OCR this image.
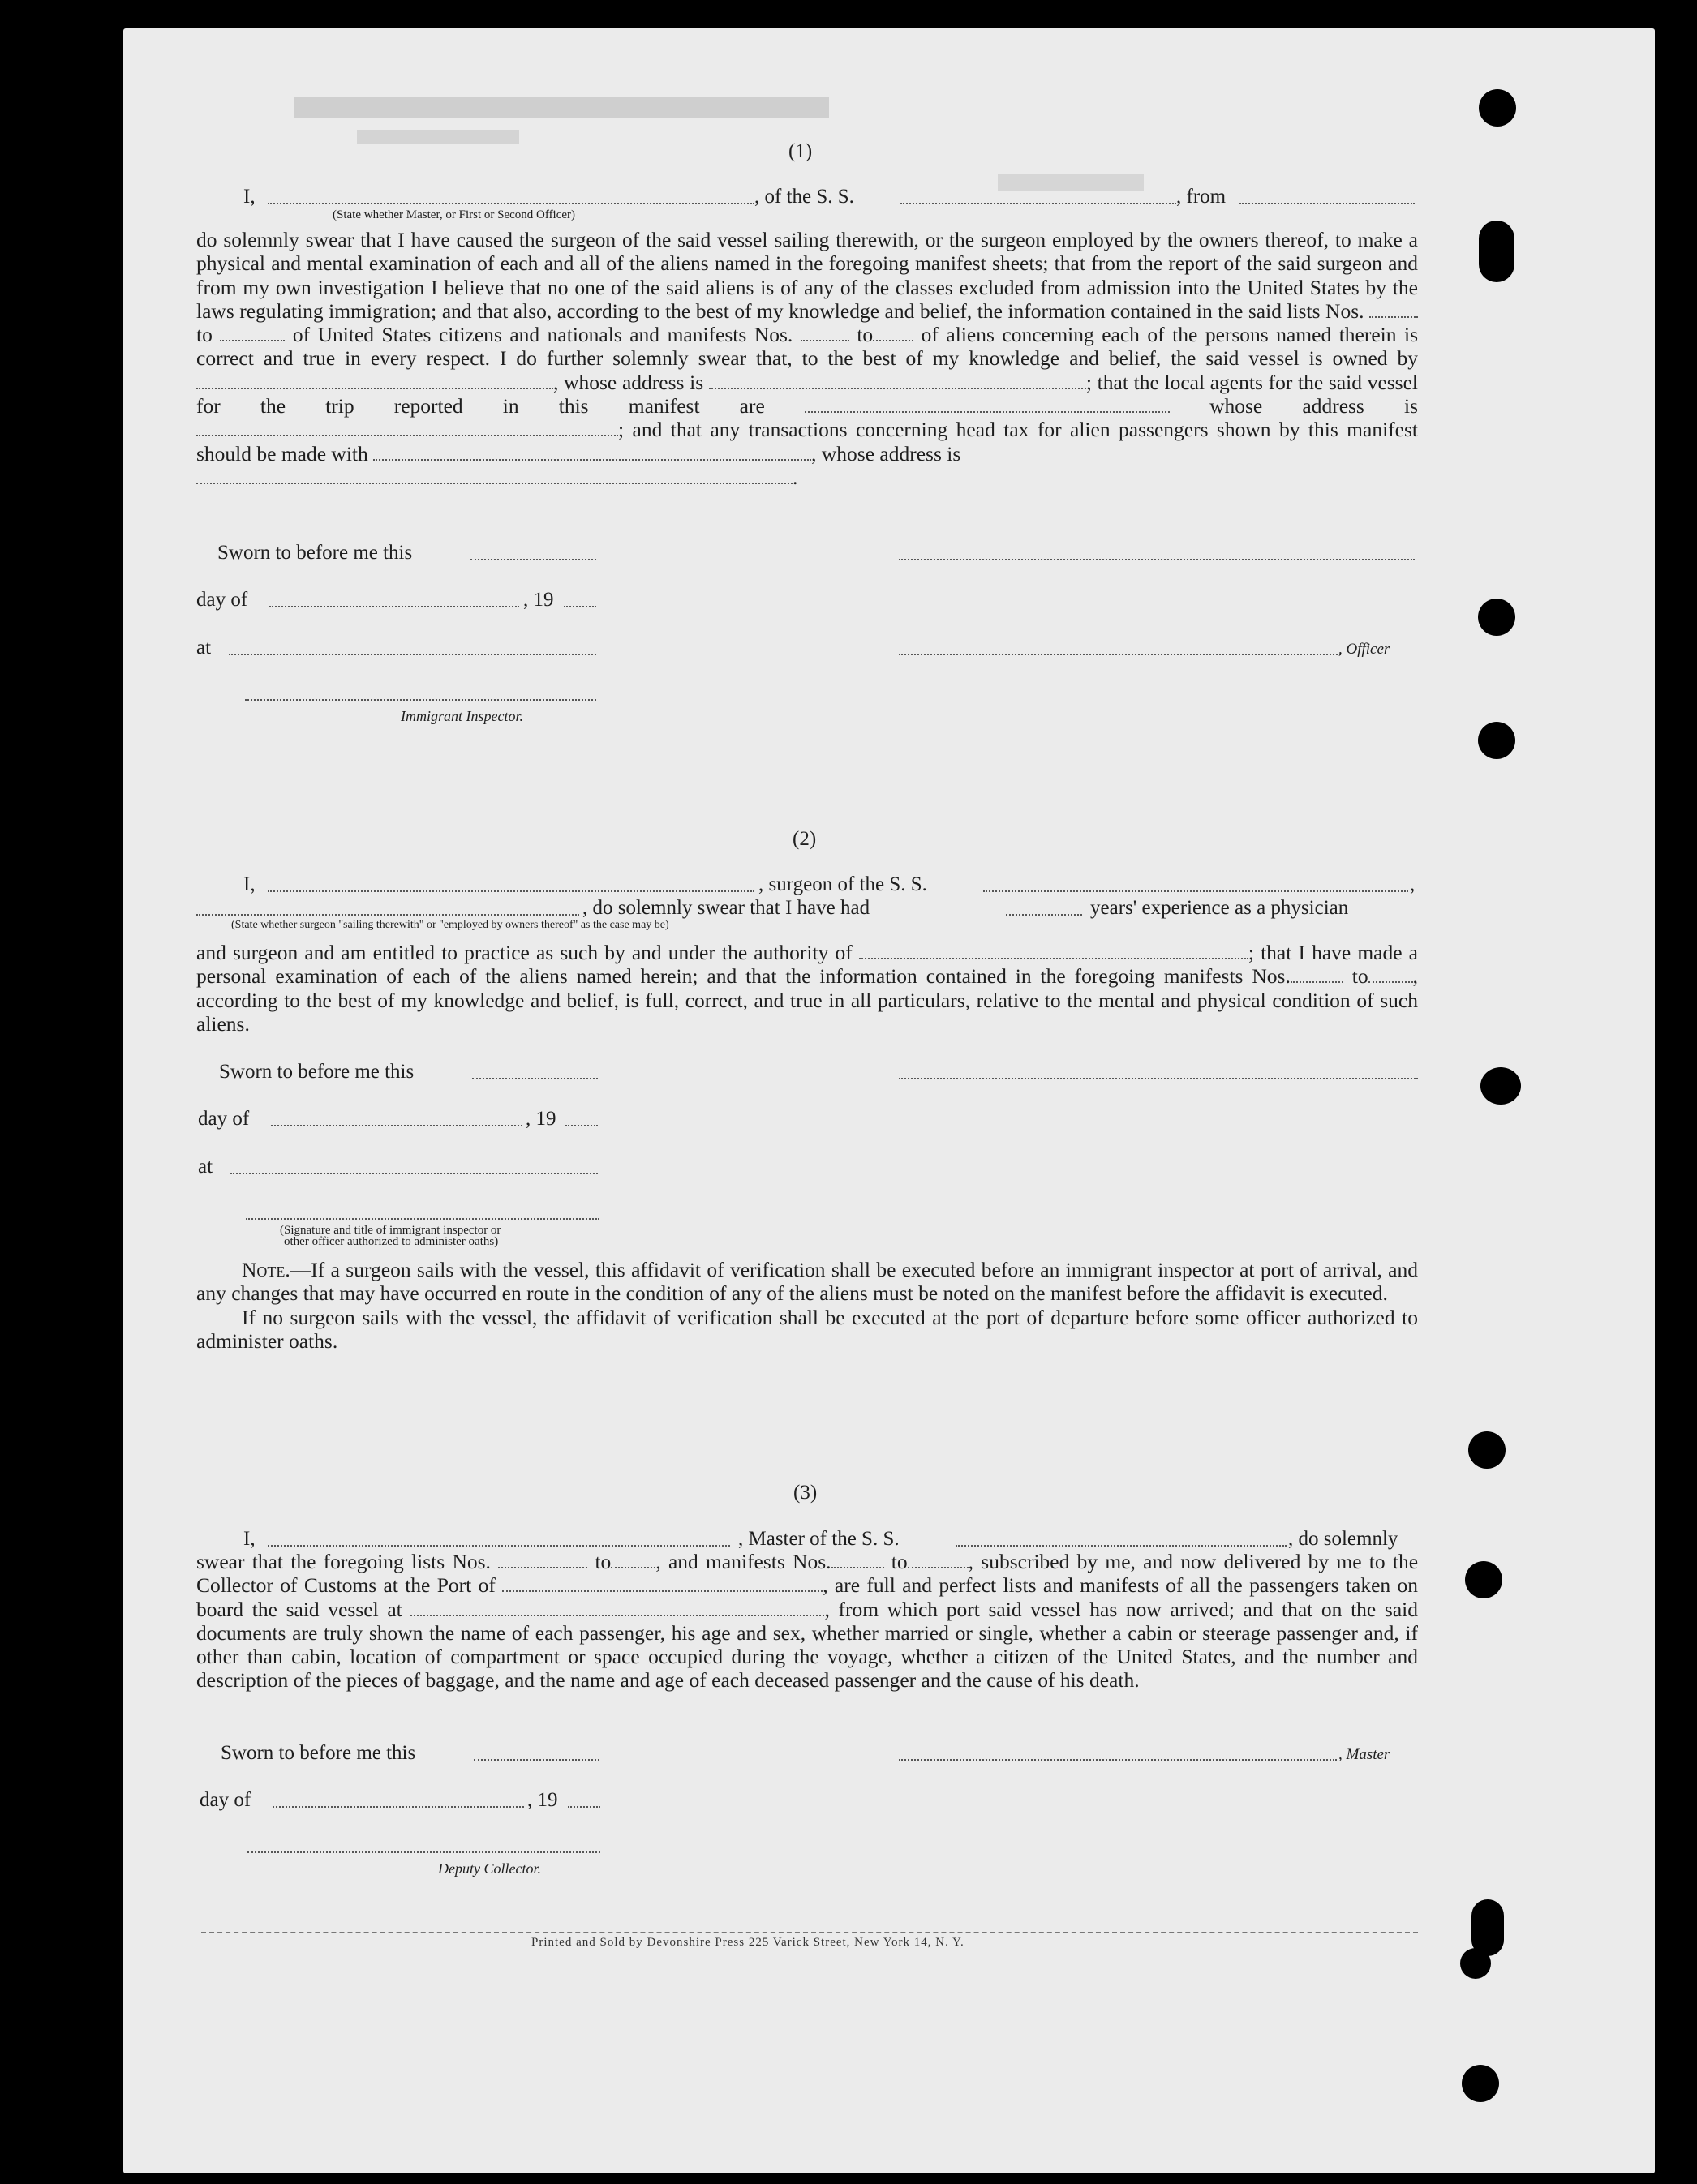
(1)
I,	, of the S. S.	, from
(State whether Master, or First or Second Officer)

do solemnly swear that I have caused the surgeon of the said vessel sailing therewith, or the surgeon employed by the owners thereof, to make a physical and mental examination of each and all of the aliens named in the foregoing manifest sheets; that from the report of the said surgeon and from my own investigation I believe that no one of the said aliens is of any of the classes excluded from admission into the United States by the laws regulating immigration; and that also, according to the best of my knowledge and belief, the information contained in the said lists Nos.  to	of United States citizens and nationals and manifests Nos.	to of aliens concerning each of the persons named therein is correct and true in every respect. I do further solemnly swear that, to the best of my knowledge and belief, the said vessel is owned by , whose address is	; that the local agents for the said vessel for the trip reported in this manifest are	whose address is ; and that any transactions concerning head tax for alien passengers shown by this manifest should be made with	, whose address is

.

Sworn to before me this
day of	, 19
at	, Officer
Immigrant Inspector.
(2)
I,	, surgeon of the S. S.	,
, do solemnly swear that I have had	years' experience as a physician
(State whether surgeon "sailing therewith" or "employed by owners thereof" as the case may be)

and surgeon and am entitled to practice as such by and under the authority of	; that I have made a personal examination of each of the aliens named herein; and that the information contained in the foregoing manifests Nos.	to , according to the best of my knowledge and belief, is full, correct, and true in all particulars, relative to the mental and physical condition of such aliens.

Sworn to before me this
day of	, 19
at
(Signature and title of immigrant inspector or
other officer authorized to administer oaths)

Note.—If a surgeon sails with the vessel, this affidavit of verification shall be executed before an immigrant inspector at port of arrival, and any changes that may have occurred en route in the condition of any of the aliens must be noted on the manifest before the affidavit is executed.

If no surgeon sails with the vessel, the affidavit of verification shall be executed at the port of departure before some officer authorized to administer oaths.

(3)
I,	, Master of the S. S.	, do solemnly

swear that the foregoing lists Nos.	to , and manifests Nos.	to	, subscribed by me, and now delivered by me to the Collector of Customs at the Port of	, are full and perfect lists and manifests of all the passengers taken on board the said vessel at	, from which port said vessel has now arrived; and that on the said documents are truly shown the name of each passenger, his age and sex, whether married or single, whether a cabin or steerage passenger and, if other than cabin, location of compartment or space occupied during the voyage, whether a citizen of the United States, and the number and description of the pieces of baggage, and the name and age of each deceased passenger and the cause of his death.

Sworn to before me this	, Master
day of	, 19
Deputy Collector.
Printed and Sold by Devonshire Press 225 Varick Street, New York 14, N. Y.
